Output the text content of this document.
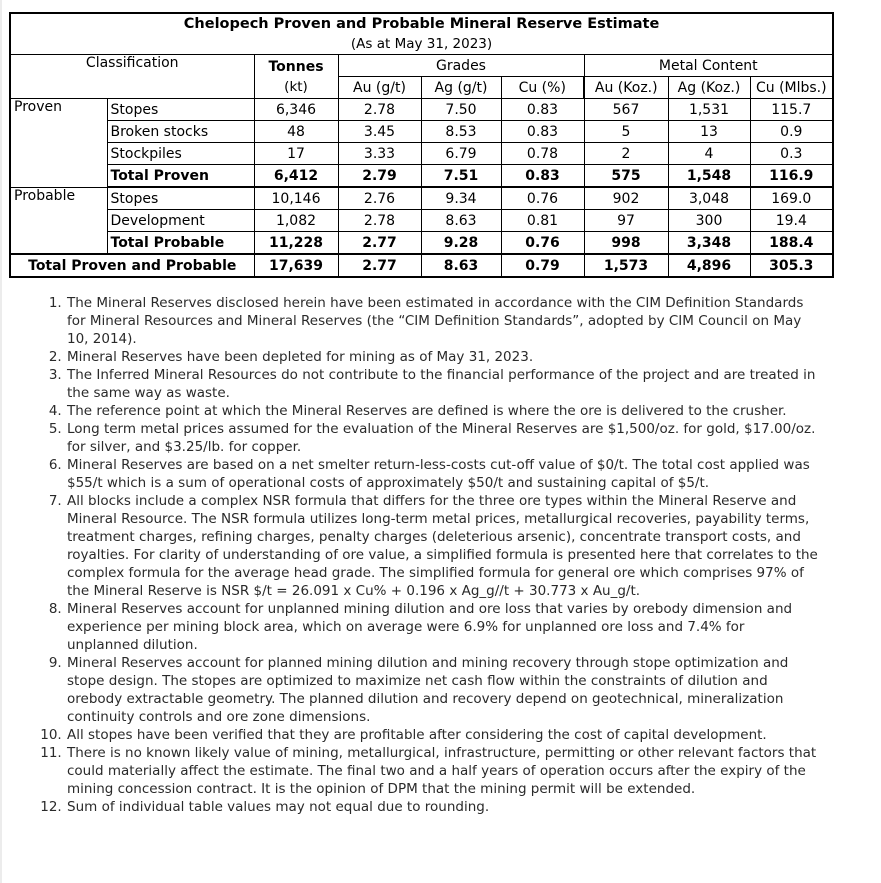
Chelopech Proven and Probable Mineral Reserve Estimate
(As at May 31, 2023)								

Classification		Tonnes
(kt)	Grades			Metal Content		
			Au (g/t)	Ag (g/t)	Cu (%)	Au (Koz.)	Ag (Koz.)	Cu (Mlbs.)
Proven	Stopes	6,346	2.78	7.50	0.83	567	1,531	115.7
	Broken stocks	48	3.45	8.53	0.83	5	13	0.9
	Stockpiles	17	3.33	6.79	0.78	2	4	0.3
	Total Proven	6,412	2.79	7.51	0.83	575	1,548	116.9
Probable	Stopes	10,146	2.76	9.34	0.76	902	3,048	169.0
	Development	1,082	2.78	8.63	0.81	97	300	19.4
	Total Probable	11,228	2.77	9.28	0.76	998	3,348	188.4
Total Proven and Probable		17,639	2.77	8.63	0.79	1,573	4,896	305.3
1. The Mineral Reserves disclosed herein have been estimated in accordance with the CIM Definition Standards for Mineral Resources and Mineral Reserves (the “CIM Definition Standards”, adopted by CIM Council on May 10, 2014).
2. Mineral Reserves have been depleted for mining as of May 31, 2023.
3. The Inferred Mineral Resources do not contribute to the financial performance of the project and are treated in the same way as waste.
4. The reference point at which the Mineral Reserves are defined is where the ore is delivered to the crusher.
5. Long term metal prices assumed for the evaluation of the Mineral Reserves are $1,500/oz. for gold, $17.00/oz. for silver, and $3.25/lb. for copper.
6. Mineral Reserves are based on a net smelter return-less-costs cut-off value of $0/t. The total cost applied was $55/t which is a sum of operational costs of approximately $50/t and sustaining capital of $5/t.
7. All blocks include a complex NSR formula that differs for the three ore types within the Mineral Reserve and Mineral Resource. The NSR formula utilizes long-term metal prices, metallurgical recoveries, payability terms, treatment charges, refining charges, penalty charges (deleterious arsenic), concentrate transport costs, and royalties. For clarity of understanding of ore value, a simplified formula is presented here that correlates to the complex formula for the average head grade. The simplified formula for general ore which comprises 97% of the Mineral Reserve is NSR $/t = 26.091 x Cu% + 0.196 x Ag_g//t + 30.773 x Au_g/t.
8. Mineral Reserves account for unplanned mining dilution and ore loss that varies by orebody dimension and experience per mining block area, which on average were 6.9% for unplanned ore loss and 7.4% for unplanned dilution.
9. Mineral Reserves account for planned mining dilution and mining recovery through stope optimization and stope design. The stopes are optimized to maximize net cash flow within the constraints of dilution and orebody extractable geometry. The planned dilution and recovery depend on geotechnical, mineralization continuity controls and ore zone dimensions.
10. All stopes have been verified that they are profitable after considering the cost of capital development.
11. There is no known likely value of mining, metallurgical, infrastructure, permitting or other relevant factors that could materially affect the estimate. The final two and a half years of operation occurs after the expiry of the mining concession contract. It is the opinion of DPM that the mining permit will be extended.
12. Sum of individual table values may not equal due to rounding.
